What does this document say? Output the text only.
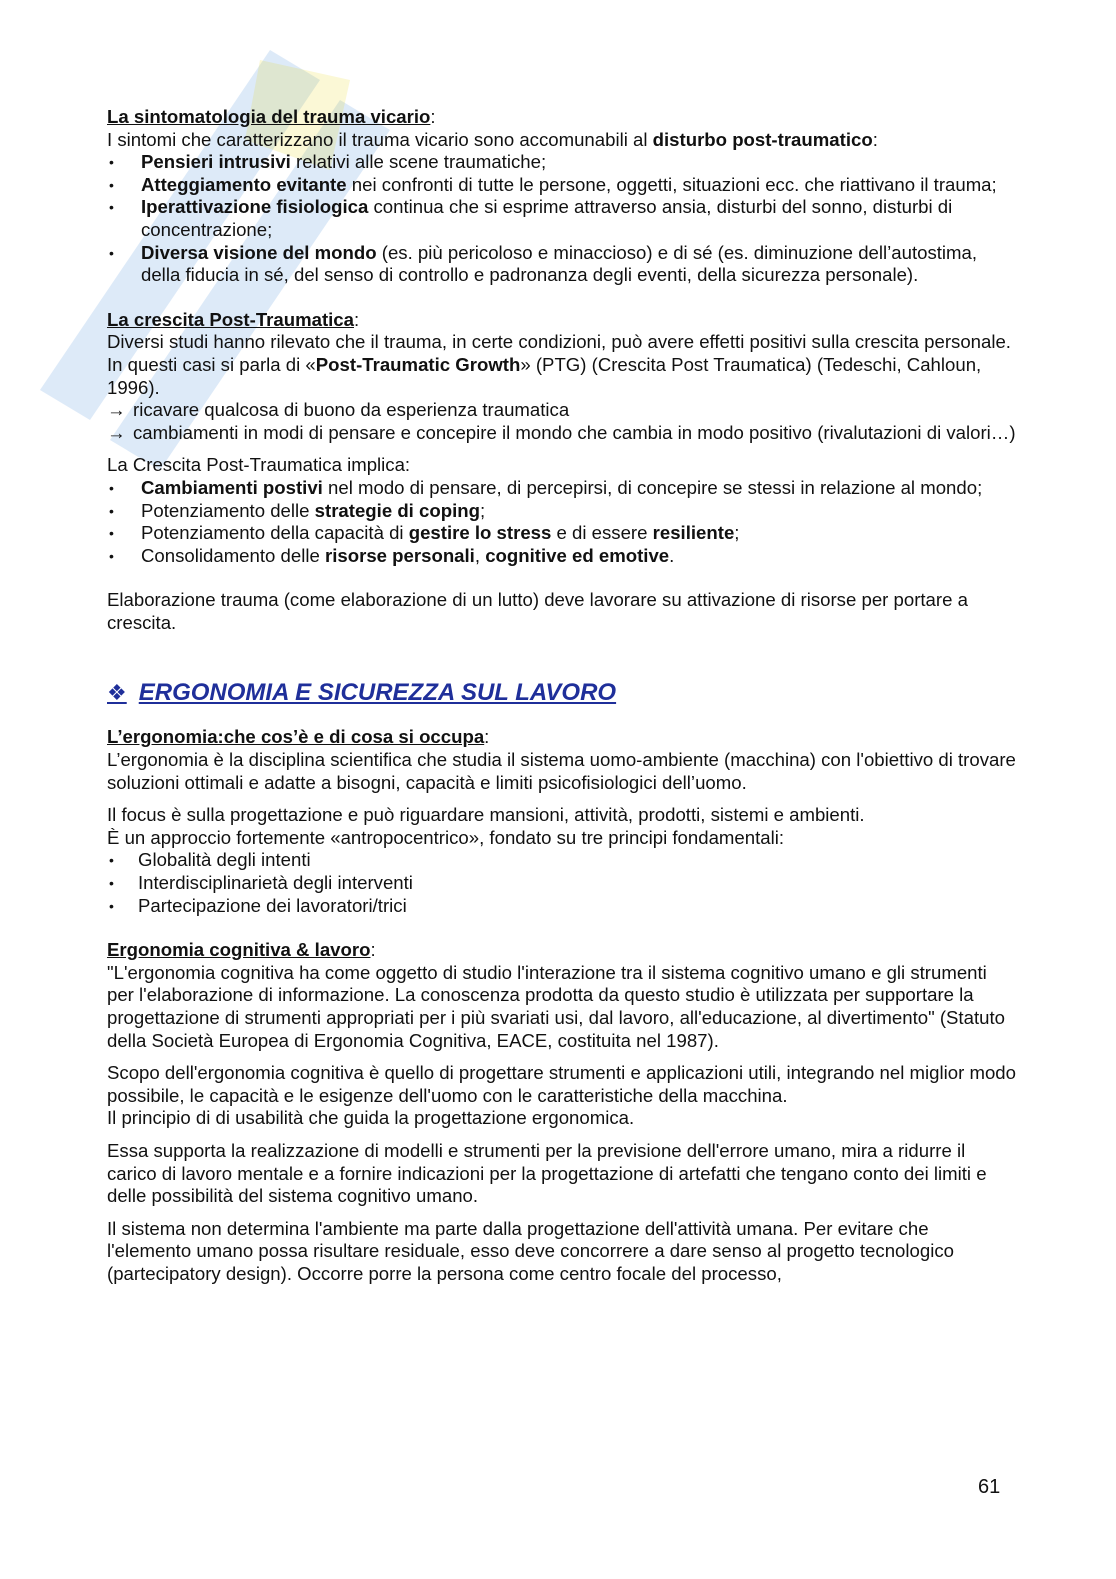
La sintomatologia del trauma vicario:

I sintomi che caratterizzano il trauma vicario sono accomunabili al disturbo post-traumatico:

• Pensieri intrusivi relativi alle scene traumatiche;
• Atteggiamento evitante nei confronti di tutte le persone, oggetti, situazioni ecc. che riattivano il trauma;
• Iperattivazione fisiologica continua che si esprime attraverso ansia, disturbi del sonno, disturbi di concentrazione;
• Diversa visione del mondo (es. più pericoloso e minaccioso) e di sé (es. diminuzione dell’autostima, della fiducia in sé, del senso di controllo e padronanza degli eventi, della sicurezza personale).

La crescita Post-Traumatica:

Diversi studi hanno rilevato che il trauma, in certe condizioni, può avere effetti positivi sulla crescita personale. In questi casi si parla di «Post-Traumatic Growth» (PTG) (Crescita Post Traumatica) (Tedeschi, Cahloun, 1996).

→ ricavare qualcosa di buono da esperienza traumatica
→ cambiamenti in modi di pensare e concepire il mondo che cambia in modo positivo (rivalutazioni di valori…)

La Crescita Post-Traumatica implica:

• Cambiamenti postivi nel modo di pensare, di percepirsi, di concepire se stessi in relazione al mondo;
• Potenziamento delle strategie di coping;
• Potenziamento della capacità di gestire lo stress e di essere resiliente;
• Consolidamento delle risorse personali, cognitive ed emotive.

Elaborazione trauma (come elaborazione di un lutto) deve lavorare su attivazione di risorse per portare a crescita.

❖ ERGONOMIA E SICUREZZA SUL LAVORO

L’ergonomia:che cos’è e di cosa si occupa:

L’ergonomia è la disciplina scientifica che studia il sistema uomo-ambiente (macchina) con l'obiettivo di trovare soluzioni ottimali e adatte a bisogni, capacità e limiti psicofisiologici dell’uomo.

Il focus è sulla progettazione e può riguardare mansioni, attività, prodotti, sistemi e ambienti.

È un approccio fortemente «antropocentrico», fondato su tre principi fondamentali:

• Globalità degli intenti
• Interdisciplinarietà degli interventi
• Partecipazione dei lavoratori/trici

Ergonomia cognitiva & lavoro:

"L'ergonomia cognitiva ha come oggetto di studio l'interazione tra il sistema cognitivo umano e gli strumenti per l'elaborazione di informazione. La conoscenza prodotta da questo studio è utilizzata per supportare la progettazione di strumenti appropriati per i più svariati usi, dal lavoro, all'educazione, al divertimento" (Statuto della Società Europea di Ergonomia Cognitiva, EACE, costituita nel 1987).

Scopo dell'ergonomia cognitiva è quello di progettare strumenti e applicazioni utili, integrando nel miglior modo possibile, le capacità e le esigenze dell'uomo con le caratteristiche della macchina.

Il principio di di usabilità che guida la progettazione ergonomica.

Essa supporta la realizzazione di modelli e strumenti per la previsione dell'errore umano, mira a ridurre il carico di lavoro mentale e a fornire indicazioni per la progettazione di artefatti che tengano conto dei limiti e delle possibilità del sistema cognitivo umano.

Il sistema non determina l'ambiente ma parte dalla progettazione dell'attività umana. Per evitare che l'elemento umano possa risultare residuale, esso deve concorrere a dare senso al progetto tecnologico (partecipatory design). Occorre porre la persona come centro focale del processo,

61
